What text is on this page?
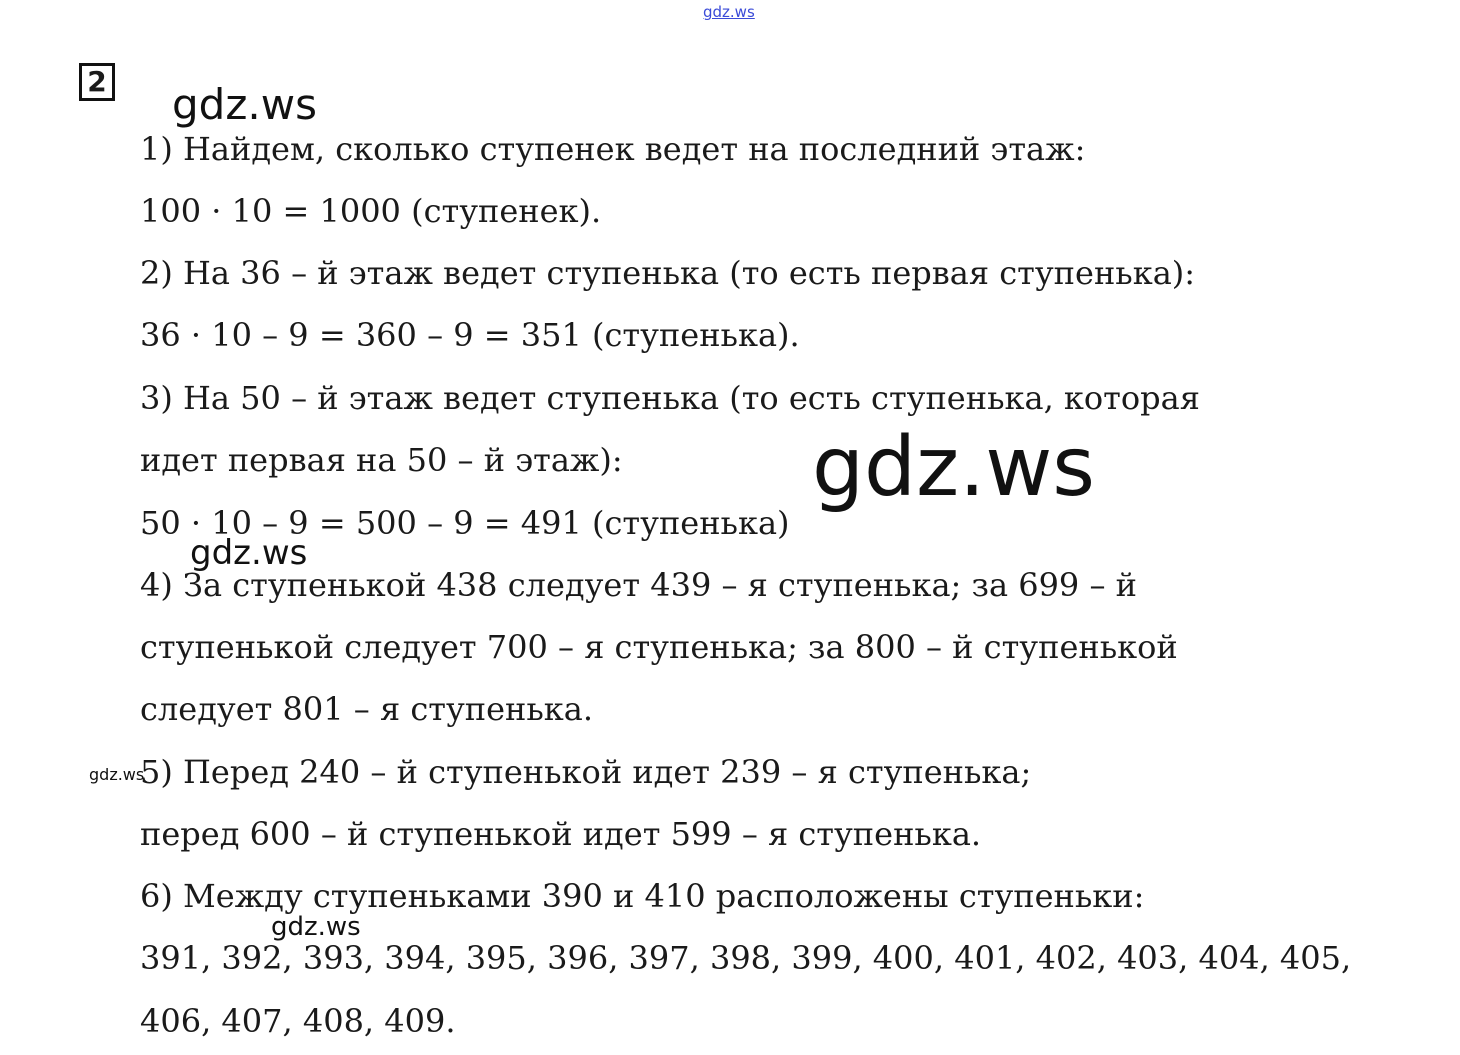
gdz.ws
2 gdz.ws
1) Найдем, сколько ступенек ведет на последний этаж:
100 · 10 = 1000 (ступенек).
2) На 36 – й этаж ведет ступенька (то есть первая ступенька):
36 · 10 – 9 = 360 – 9 = 351 (ступенька).
3) На 50 – й этаж ведет ступенька (то есть ступенька, которая
идет первая на 50 – й этаж):
50 · 10 – 9 = 500 – 9 = 491 (ступенька)
4) За ступенькой 438 следует 439 – я ступенька; за 699 – й
ступенькой следует 700 – я ступенька; за 800 – й ступенькой
следует 801 – я ступенька.
5) Перед 240 – й ступенькой идет 239 – я ступенька;
перед 600 – й ступенькой идет 599 – я ступенька.
6) Между ступеньками 390 и 410 расположены ступеньки:
391, 392, 393, 394, 395, 396, 397, 398, 399, 400, 401, 402, 403, 404, 405,
406, 407, 408, 409.
gdz.ws
gdz.ws
gdz.ws
gdz.ws
